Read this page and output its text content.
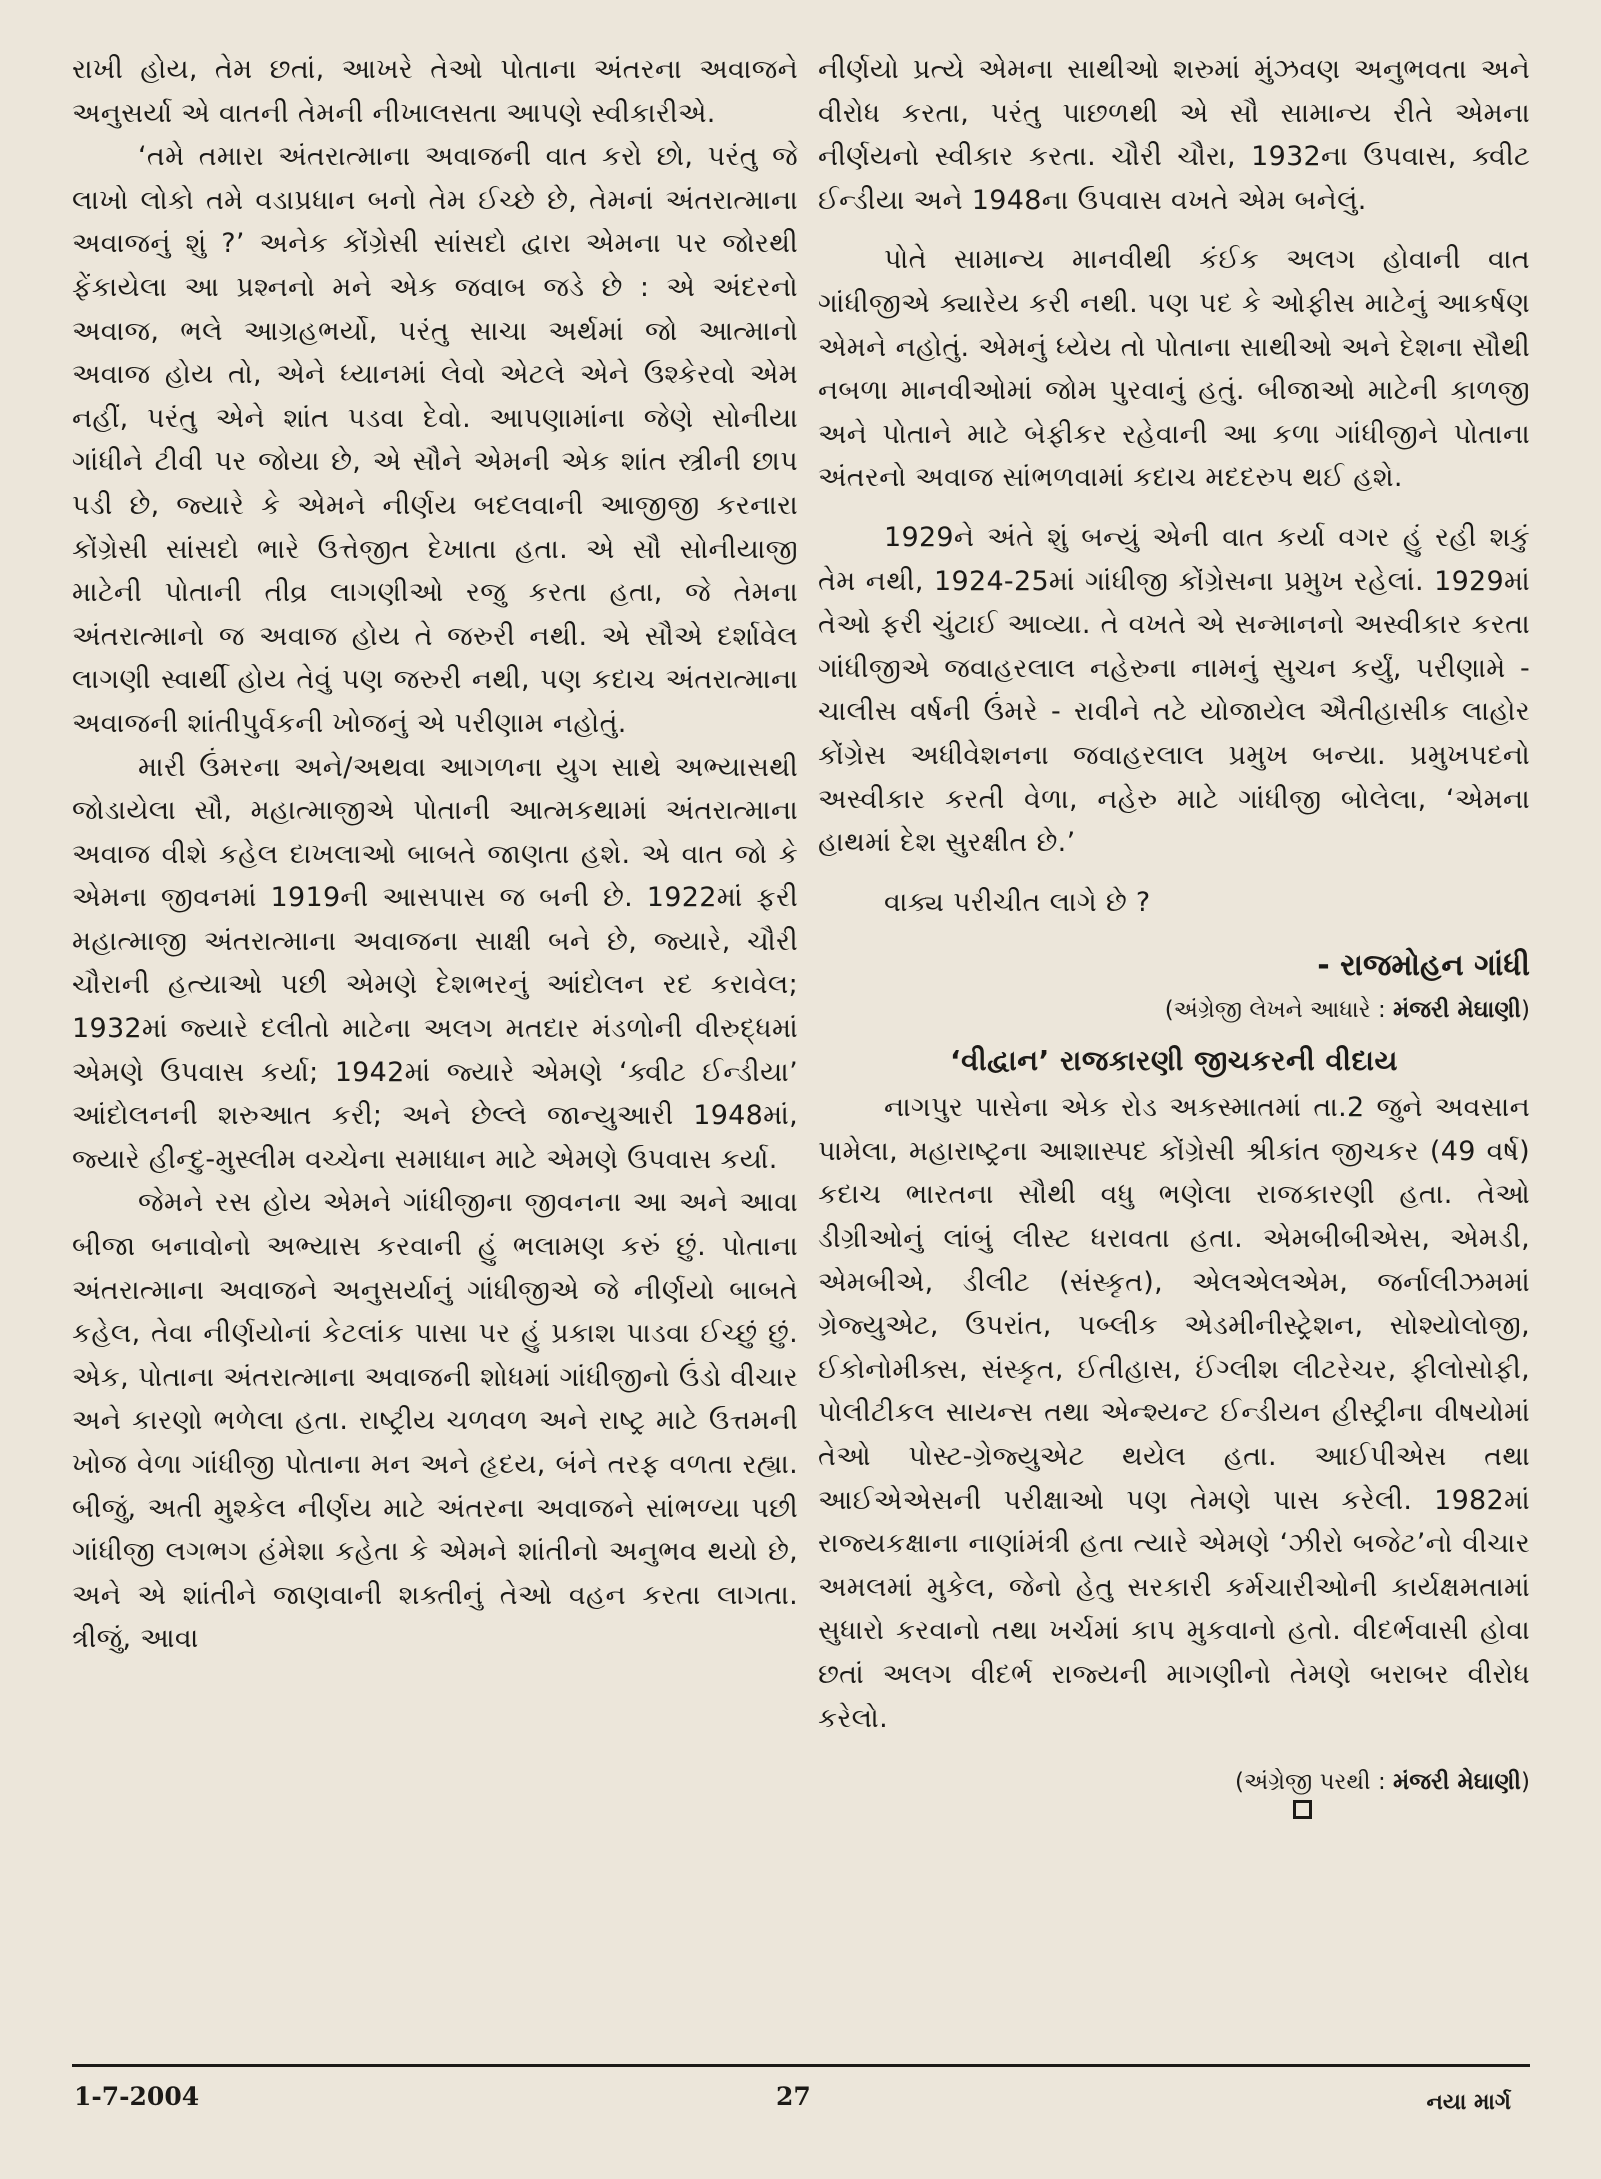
રાખી હોય, તેમ છતાં, આખરે તેઓ પોતાના અંતરના અવાજને અનુસર્યા એ વાતની તેમની નીખાલસતા આપણે સ્વીકારીએ.

‘તમે તમારા અંતરાત્માના અવાજની વાત કરો છો, પરંતુ જે લાખો લોકો તમે વડાપ્રધાન બનો તેમ ઈચ્છે છે, તેમનાં અંતરાત્માના અવાજનું શું ?’ અનેક કોંગ્રેસી સાંસદો દ્વારા એમના પર જોરથી ફેંકાયેલા આ પ્રશ્નનો મને એક જવાબ જડે છે : એ અંદરનો અવાજ, ભલે આગ્રહભર્યો, પરંતુ સાચા અર્થમાં જો આત્માનો અવાજ હોય તો, એને ધ્યાનમાં લેવો એટલે એને ઉશ્કેરવો એમ નહીં, પરંતુ એને શાંત પડવા દેવો. આપણામાંના જેણે સોનીયા ગાંધીને ટીવી પર જોયા છે, એ સૌને એમની એક શાંત સ્ત્રીની છાપ પડી છે, જ્યારે કે એમને નીર્ણય બદલવાની આજીજી કરનારા કોંગ્રેસી સાંસદો ભારે ઉત્તેજીત દેખાતા હતા. એ સૌ સોનીયાજી માટેની પોતાની તીવ્ર લાગણીઓ રજુ કરતા હતા, જે તેમના અંતરાત્માનો જ અવાજ હોય તે જરુરી નથી. એ સૌએ દર્શાવેલ લાગણી સ્વાર્થી હોય તેવું પણ જરુરી નથી, પણ કદાચ અંતરાત્માના અવાજની શાંતીપુર્વકની ખોજનું એ પરીણામ નહોતું.

મારી ઉંમરના અને/અથવા આગળના યુગ સાથે અભ્યાસથી જોડાયેલા સૌ, મહાત્માજીએ પોતાની આત્મકથામાં અંતરાત્માના અવાજ વીશે કહેલ દાખલાઓ બાબતે જાણતા હશે. એ વાત જો કે એમના જીવનમાં 1919ની આસપાસ જ બની છે. 1922માં ફરી મહાત્માજી અંતરાત્માના અવાજના સાક્ષી બને છે, જ્યારે, ચૌરી ચૌરાની હત્યાઓ પછી એમણે દેશભરનું આંદોલન રદ કરાવેલ; 1932માં જ્યારે દલીતો માટેના અલગ મતદાર મંડળોની વીરુદ્ધમાં એમણે ઉપવાસ કર્યા; 1942માં જ્યારે એમણે ‘ક્વીટ ઈન્ડીયા’ આંદોલનની શરુઆત કરી; અને છેલ્લે જાન્યુઆરી 1948માં, જ્યારે હીન્દુ-મુસ્લીમ વચ્ચેના સમાધાન માટે એમણે ઉપવાસ કર્યા.

જેમને રસ હોય એમને ગાંધીજીના જીવનના આ અને આવા બીજા બનાવોનો અભ્યાસ કરવાની હું ભલામણ કરું છું. પોતાના અંતરાત્માના અવાજને અનુસર્યાનું ગાંધીજીએ જે નીર્ણયો બાબતે કહેલ, તેવા નીર્ણયોનાં કેટલાંક પાસા પર હું પ્રકાશ પાડવા ઈચ્છું છું. એક, પોતાના અંતરાત્માના અવાજની શોધમાં ગાંધીજીનો ઉંડો વીચાર અને કારણો ભળેલા હતા. રાષ્ટ્રીય ચળવળ અને રાષ્ટ્ર માટે ઉત્તમની ખોજ વેળા ગાંધીજી પોતાના મન અને હૃદય, બંને તરફ વળતા રહ્યા. બીજું, અતી મુશ્કેલ નીર્ણય માટે અંતરના અવાજને સાંભળ્યા પછી ગાંધીજી લગભગ હંમેશા કહેતા કે એમને શાંતીનો અનુભવ થયો છે, અને એ શાંતીને જાણવાની શક્તીનું તેઓ વહન કરતા લાગતા. ત્રીજું, આવા

નીર્ણયો પ્રત્યે એમના સાથીઓ શરુમાં મુંઝવણ અનુભવતા અને વીરોધ કરતા, પરંતુ પાછળથી એ સૌ સામાન્ય રીતે એમના નીર્ણયનો સ્વીકાર કરતા. ચૌરી ચૌરા, 1932ના ઉપવાસ, ક્વીટ ઈન્ડીયા અને 1948ના ઉપવાસ વખતે એમ બનેલું.

પોતે સામાન્ય માનવીથી કંઈક અલગ હોવાની વાત ગાંધીજીએ ક્યારેય કરી નથી. પણ પદ કે ઓફીસ માટેનું આકર્ષણ એમને નહોતું. એમનું ધ્યેય તો પોતાના સાથીઓ અને દેશના સૌથી નબળા માનવીઓમાં જોમ પુરવાનું હતું. બીજાઓ માટેની કાળજી અને પોતાને માટે બેફીકર રહેવાની આ કળા ગાંધીજીને પોતાના અંતરનો અવાજ સાંભળવામાં કદાચ મદદરુપ થઈ હશે.

1929ને અંતે શું બન્યું એની વાત કર્યા વગર હું રહી શકું તેમ નથી, 1924-25માં ગાંધીજી કોંગ્રેસના પ્રમુખ રહેલાં. 1929માં તેઓ ફરી ચુંટાઈ આવ્યા. તે વખતે એ સન્માનનો અસ્વીકાર કરતા ગાંધીજીએ જવાહરલાલ નહેરુના નામનું સુચન કર્યું, પરીણામે - ચાલીસ વર્ષની ઉંમરે - રાવીને તટે યોજાયેલ ઐતીહાસીક લાહોર કોંગ્રેસ અધીવેશનના જવાહરલાલ પ્રમુખ બન્યા. પ્રમુખપદનો અસ્વીકાર કરતી વેળા, નહેરુ માટે ગાંધીજી બોલેલા, ‘એમના હાથમાં દેશ સુરક્ષીત છે.’

વાક્ય પરીચીત લાગે છે ?

- રાજમોહન ગાંધી
(અંગ્રેજી લેખને આધારે : મંજરી મેઘાણી)
‘વીદ્વાન’ રાજકારણી જીચકરની વીદાય

નાગપુર પાસેના એક રોડ અકસ્માતમાં તા.2 જુને અવસાન પામેલા, મહારાષ્ટ્રના આશાસ્પદ કોંગ્રેસી શ્રીકાંત જીચકર (49 વર્ષ) કદાચ ભારતના સૌથી વધુ ભણેલા રાજકારણી હતા. તેઓ ડીગ્રીઓનું લાંબું લીસ્ટ ધરાવતા હતા. એમબીબીએસ, એમડી, એમબીએ, ડીલીટ (સંસ્કૃત), એલએલએમ, જર્નાલીઝમમાં ગ્રેજ્યુએટ, ઉપરાંત, પબ્લીક એડમીનીસ્ટ્રેશન, સોશ્યોલોજી, ઈકોનોમીક્સ, સંસ્કૃત, ઈતીહાસ, ઈંગ્લીશ લીટરેચર, ફીલોસોફી, પોલીટીકલ સાયન્સ તથા એન્શ્યન્ટ ઈન્ડીયન હીસ્ટ્રીના વીષયોમાં તેઓ પોસ્ટ-ગ્રેજ્યુએટ થયેલ હતા. આઈપીએસ તથા આઈએએસની પરીક્ષાઓ પણ તેમણે પાસ કરેલી. 1982માં રાજ્યકક્ષાના નાણાંમંત્રી હતા ત્યારે એમણે ‘ઝીરો બજેટ’નો વીચાર અમલમાં મુકેલ, જેનો હેતુ સરકારી કર્મચારીઓની કાર્યક્ષમતામાં સુધારો કરવાનો તથા ખર્ચમાં કાપ મુકવાનો હતો. વીદર્ભવાસી હોવા છતાં અલગ વીદર્ભ રાજ્યની માગણીનો તેમણે બરાબર વીરોધ કરેલો.

(અંગ્રેજી પરથી : મંજરી મેઘાણી)
1-7-2004	27	નયા માર્ગ
